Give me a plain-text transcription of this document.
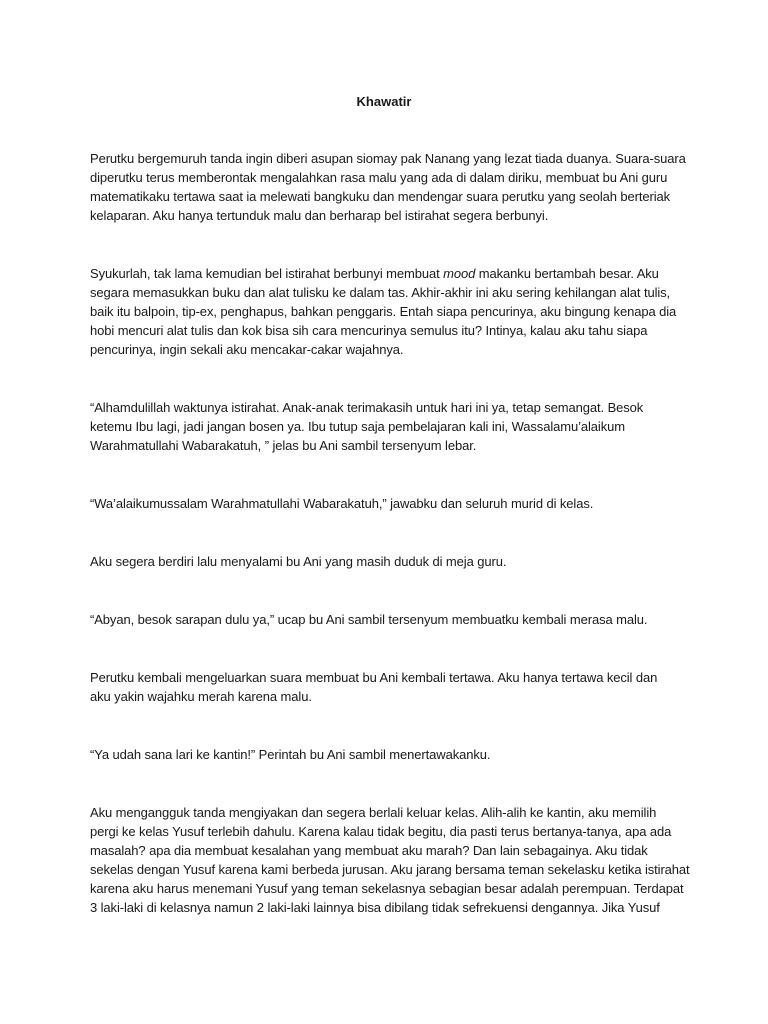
Khawatir

Perutku bergemuruh tanda ingin diberi asupan siomay pak Nanang yang lezat tiada duanya. Suara-suara
diperutku terus memberontak mengalahkan rasa malu yang ada di dalam diriku, membuat bu Ani guru
matematikaku tertawa saat ia melewati bangkuku dan mendengar suara perutku yang seolah berteriak
kelaparan. Aku hanya tertunduk malu dan berharap bel istirahat segera berbunyi.

Syukurlah, tak lama kemudian bel istirahat berbunyi membuat mood makanku bertambah besar. Aku
segara memasukkan buku dan alat tulisku ke dalam tas. Akhir-akhir ini aku sering kehilangan alat tulis,
baik itu balpoin, tip-ex, penghapus, bahkan penggaris. Entah siapa pencurinya, aku bingung kenapa dia
hobi mencuri alat tulis dan kok bisa sih cara mencurinya semulus itu? Intinya, kalau aku tahu siapa
pencurinya, ingin sekali aku mencakar-cakar wajahnya.

“Alhamdulillah waktunya istirahat. Anak-anak terimakasih untuk hari ini ya, tetap semangat. Besok
ketemu Ibu lagi, jadi jangan bosen ya. Ibu tutup saja pembelajaran kali ini, Wassalamu’alaikum
Warahmatullahi Wabarakatuh, ” jelas bu Ani sambil tersenyum lebar.

“Wa’alaikumussalam Warahmatullahi Wabarakatuh,” jawabku dan seluruh murid di kelas.

Aku segera berdiri lalu menyalami bu Ani yang masih duduk di meja guru.

“Abyan, besok sarapan dulu ya,” ucap bu Ani sambil tersenyum membuatku kembali merasa malu.

Perutku kembali mengeluarkan suara membuat bu Ani kembali tertawa. Aku hanya tertawa kecil dan
aku yakin wajahku merah karena malu.

“Ya udah sana lari ke kantin!” Perintah bu Ani sambil menertawakanku.

Aku mengangguk tanda mengiyakan dan segera berlali keluar kelas. Alih-alih ke kantin, aku memilih
pergi ke kelas Yusuf terlebih dahulu. Karena kalau tidak begitu, dia pasti terus bertanya-tanya, apa ada
masalah? apa dia membuat kesalahan yang membuat aku marah? Dan lain sebagainya. Aku tidak
sekelas dengan Yusuf karena kami berbeda jurusan. Aku jarang bersama teman sekelasku ketika istirahat
karena aku harus menemani Yusuf yang teman sekelasnya sebagian besar adalah perempuan. Terdapat
3 laki-laki di kelasnya namun 2 laki-laki lainnya bisa dibilang tidak sefrekuensi dengannya. Jika Yusuf
